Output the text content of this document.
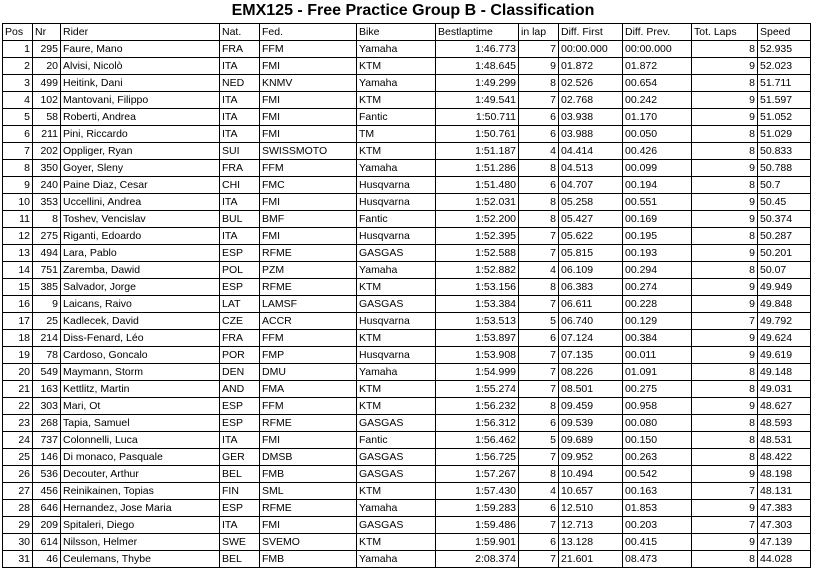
EMX125 - Free Practice Group B - Classification
Pos	Nr	Rider	Nat.	Fed.	Bike	Bestlaptime	in lap	Diff. First	Diff. Prev.	Tot. Laps	Speed
1	295	Faure, Mano	FRA	FFM	Yamaha	1:46.773	7	00:00.000	00:00.000	8	52.935
2	20	Alvisi, Nicolò	ITA	FMI	KTM	1:48.645	9	01.872	01.872	9	52.023
3	499	Heitink, Dani	NED	KNMV	Yamaha	1:49.299	8	02.526	00.654	8	51.711
4	102	Mantovani, Filippo	ITA	FMI	KTM	1:49.541	7	02.768	00.242	9	51.597
5	58	Roberti, Andrea	ITA	FMI	Fantic	1:50.711	6	03.938	01.170	9	51.052
6	211	Pini, Riccardo	ITA	FMI	TM	1:50.761	6	03.988	00.050	8	51.029
7	202	Oppliger, Ryan	SUI	SWISSMOTO	KTM	1:51.187	4	04.414	00.426	8	50.833
8	350	Goyer, Sleny	FRA	FFM	Yamaha	1:51.286	8	04.513	00.099	9	50.788
9	240	Paine Diaz, Cesar	CHI	FMC	Husqvarna	1:51.480	6	04.707	00.194	8	50.7
10	353	Uccellini, Andrea	ITA	FMI	Husqvarna	1:52.031	8	05.258	00.551	9	50.45
11	8	Toshev, Vencislav	BUL	BMF	Fantic	1:52.200	8	05.427	00.169	9	50.374
12	275	Riganti, Edoardo	ITA	FMI	Husqvarna	1:52.395	7	05.622	00.195	8	50.287
13	494	Lara, Pablo	ESP	RFME	GASGAS	1:52.588	7	05.815	00.193	9	50.201
14	751	Zaremba, Dawid	POL	PZM	Yamaha	1:52.882	4	06.109	00.294	8	50.07
15	385	Salvador, Jorge	ESP	RFME	KTM	1:53.156	8	06.383	00.274	9	49.949
16	9	Laicans, Raivo	LAT	LAMSF	GASGAS	1:53.384	7	06.611	00.228	9	49.848
17	25	Kadlecek, David	CZE	ACCR	Husqvarna	1:53.513	5	06.740	00.129	7	49.792
18	214	Diss-Fenard, Léo	FRA	FFM	KTM	1:53.897	6	07.124	00.384	9	49.624
19	78	Cardoso, Goncalo	POR	FMP	Husqvarna	1:53.908	7	07.135	00.011	9	49.619
20	549	Maymann, Storm	DEN	DMU	Yamaha	1:54.999	7	08.226	01.091	8	49.148
21	163	Kettlitz, Martin	AND	FMA	KTM	1:55.274	7	08.501	00.275	8	49.031
22	303	Mari, Ot	ESP	FFM	KTM	1:56.232	8	09.459	00.958	9	48.627
23	268	Tapia, Samuel	ESP	RFME	GASGAS	1:56.312	6	09.539	00.080	8	48.593
24	737	Colonnelli, Luca	ITA	FMI	Fantic	1:56.462	5	09.689	00.150	8	48.531
25	146	Di monaco, Pasquale	GER	DMSB	GASGAS	1:56.725	7	09.952	00.263	8	48.422
26	536	Decouter, Arthur	BEL	FMB	GASGAS	1:57.267	8	10.494	00.542	9	48.198
27	456	Reinikainen, Topias	FIN	SML	KTM	1:57.430	4	10.657	00.163	7	48.131
28	646	Hernandez, Jose Maria	ESP	RFME	Yamaha	1:59.283	6	12.510	01.853	9	47.383
29	209	Spitaleri, Diego	ITA	FMI	GASGAS	1:59.486	7	12.713	00.203	7	47.303
30	614	Nilsson, Helmer	SWE	SVEMO	KTM	1:59.901	6	13.128	00.415	9	47.139
31	46	Ceulemans, Thybe	BEL	FMB	Yamaha	2:08.374	7	21.601	08.473	8	44.028
